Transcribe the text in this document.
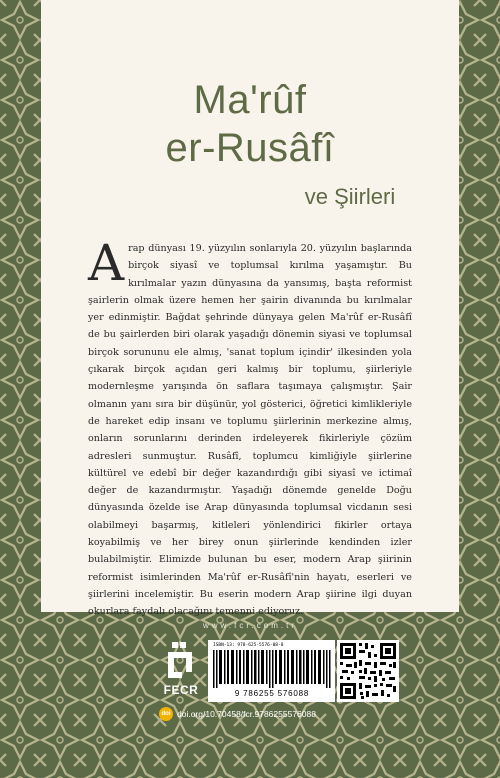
Ma'rûf
er-Rusâfî
ve Şiirleri
A rap dünyası 19. yüzyılın sonlarıyla 20. yüzyılın başlarında birçok siyasî ve toplumsal kırılma yaşamıştır. Bu kırılmalar yazın dünyasına da yansımış, başta reformist şairlerin olmak üzere hemen her şairin divanında bu kırılmalar yer edinmiştir. Bağdat şehrinde dünyaya gelen Ma'rûf er-Rusâfî de bu şairlerden biri olarak yaşadığı dönemin siyasi ve toplumsal birçok sorununu ele almış, 'sanat toplum içindir' ilkesinden yola çıkarak birçok açıdan geri kalmış bir toplumu, şiirleriyle modernleşme yarışında ön saflara taşımaya çalışmıştır. Şair olmanın yanı sıra bir düşünür, yol gösterici, öğretici kimlikleriyle de hareket edip insanı ve toplumu şiirlerinin merkezine almış, onların sorunlarını derinden irdeleyerek fikirleriyle çözüm adresleri sunmuştur. Rusâfî, toplumcu kimliğiyle şiirlerine kültürel ve edebî bir değer kazandırdığı gibi siyasî ve ictimaî değer de kazandırmıştır. Yaşadığı dönemde genelde Doğu dünyasında özelde ise Arap dünyasında toplumsal vicdanın sesi olabilmeyi başarmış, kitleleri yönlendirici fikirler ortaya koyabilmiş ve her birey onun şiirlerinde kendinden izler bulabilmiştir. Elimizde bulunan bu eser, modern Arap şiirinin reformist isimlerinden Ma'rûf er-Rusâfî'nin hayatı, eserleri ve şiirlerini incelemiştir. Bu eserin modern Arap şiirine ilgi duyan okurlara faydalı olacağını temenni ediyoruz.
www.fcr.com.tr
FECR
ISBN-13: 978-625-5576-08-8
9 786255 576088
doi doi.org/10.70458/fcr.9786255576088
